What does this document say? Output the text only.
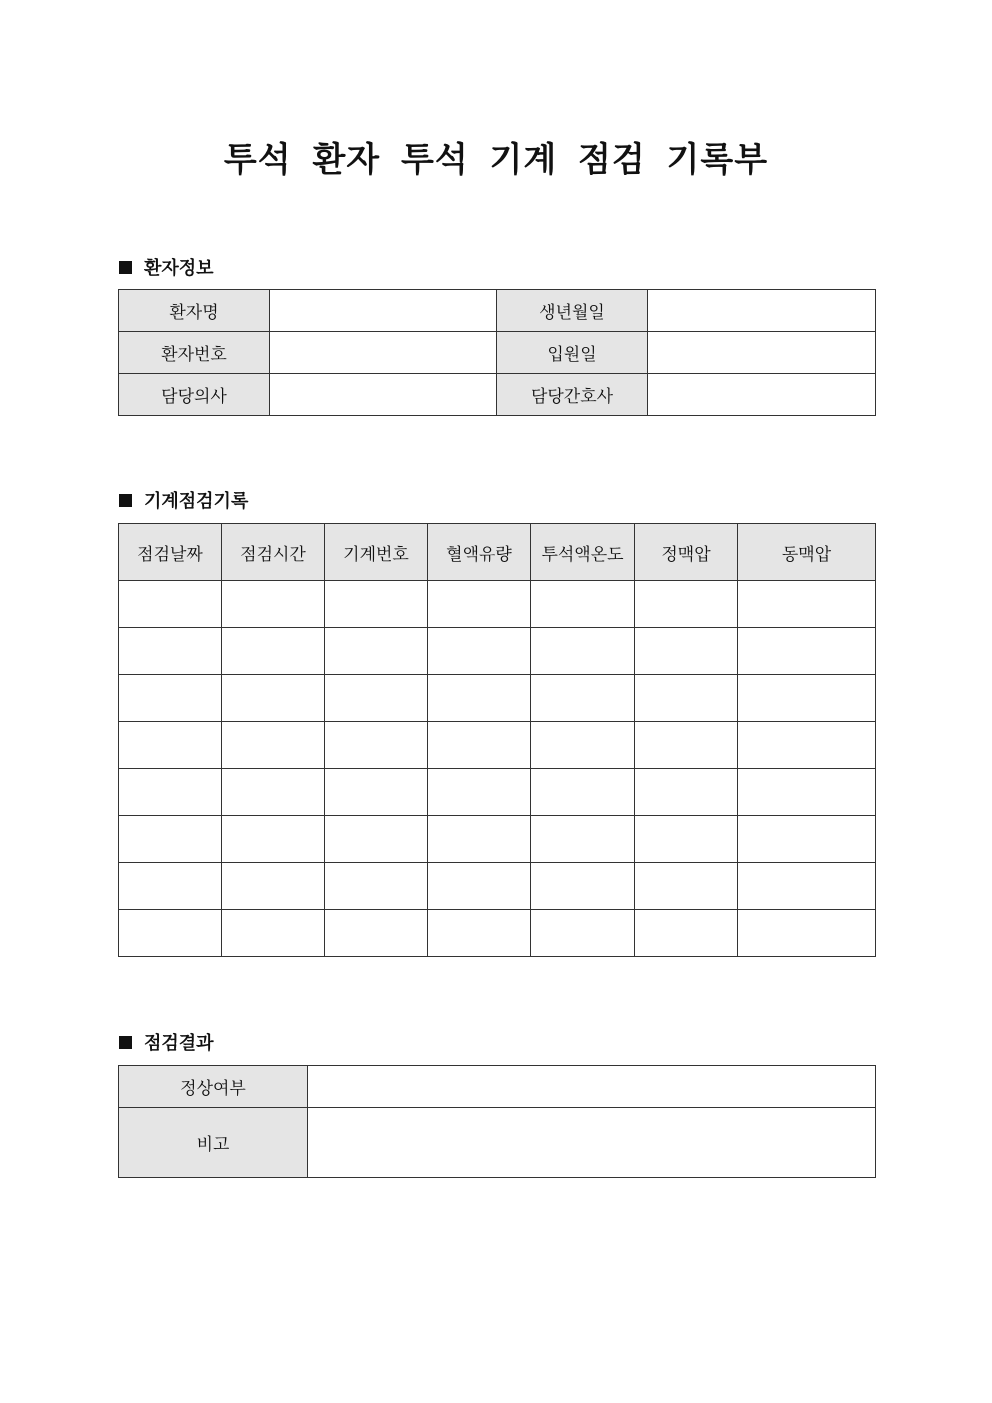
투석 환자 투석 기계 점검 기록부
환자정보
환자명		생년월일	
환자번호		입원일	
담당의사		담당간호사	
기계점검기록
점검날짜	점검시간	기계번호	혈액유량	투석액온도	정맥압	동맥압

점검결과
정상여부	
비고	
